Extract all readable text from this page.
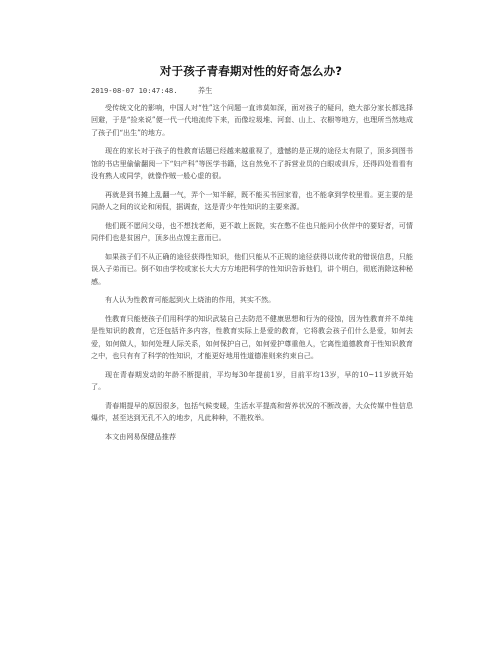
对于孩子青春期对性的好奇怎么办?
2019-08-07 10:47:48.	养生

受传统文化的影响，中国人对“性”这个问题一直讳莫如深，面对孩子的疑问，绝大部分家长都选择回避，于是“捡来说”便一代一代地流传下来，而像垃圾堆、河套、山上、衣橱等地方，也理所当然地成了孩子们“出生”的地方。

现在的家长对于孩子的性教育话题已经越来越重视了，遗憾的是正规的途径太有限了，顶多到图书馆的书店里偷偷翻阅一下“妇产科”等医学书籍，这自然免不了拆营业员的白眼或训斥，还得四处看看有没有熟人或同学，就像作贼一般心虚的很。

再就是到书摊上乱翻一气，弄个一知半解，既不能买书回家看，也不能拿到学校里看。更主要的是同龄人之间的议论和闲侃，据调查，这是青少年性知识的主要来源。

他们既不愿问父母，也不想找老师，更不敢上医院，实在憋不住也只能问小伙伴中的要好者，可情同伴们也是贫困户，顶多出点馊主意而已。

如果孩子们不从正确的途径获得性知识，他们只能从不正规的途径获得以讹传讹的错误信息，只能误入子弟而已。倒不如由学校或家长大大方方地把科学的性知识告诉他们，讲个明白，彻底消除这种秘感。

有人认为性教育可能起到火上烧油的作用，其实不然。

性教育只能使孩子们用科学的知识武装自己去防范不健康思想和行为的侵蚀，因为性教育并不单纯是性知识的教育，它还包括许多内容，性教育实际上是爱的教育，它将教会孩子们什么是爱，如何去爱，如何做人，如何处理人际关系，如何保护自己，如何爱护尊重他人，它离性道德教育于性知识教育之中，也只有有了科学的性知识，才能更好地用性道德准则来约束自己。

现在青春期发动的年龄不断提前，平均每30年提前1岁，目前平均13岁，早的10~11岁就开始了。

青春期提早的原因很多，包括气候变暖，生活水平提高和营养状况的不断改善，大众传媒中性信息爆炸，甚至达到无孔不入的地步，凡此种种，不胜枚举。

本文由网易保健品推荐
